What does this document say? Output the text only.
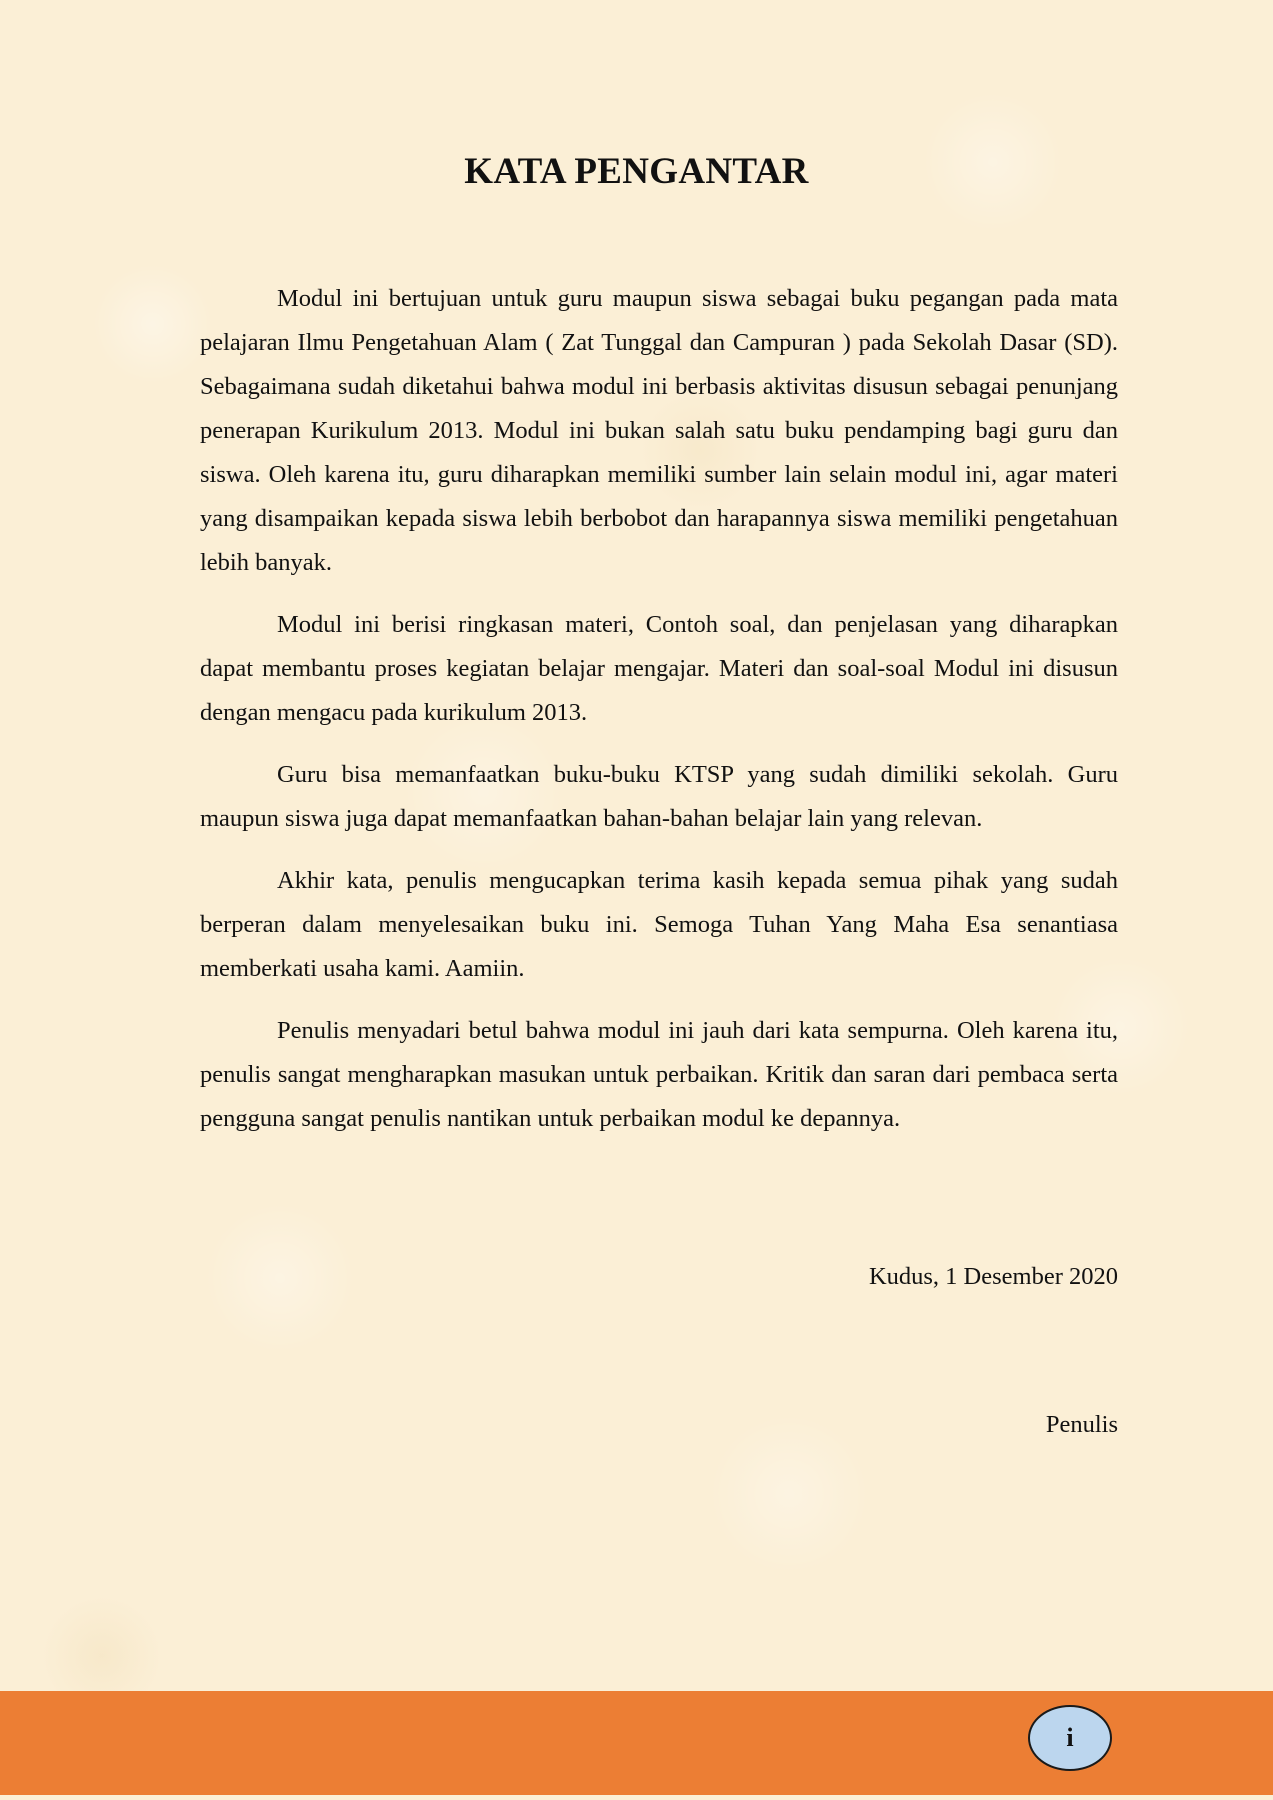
KATA PENGANTAR

Modul ini bertujuan untuk guru maupun siswa sebagai buku pegangan pada mata pelajaran Ilmu Pengetahuan Alam ( Zat Tunggal dan Campuran ) pada Sekolah Dasar (SD). Sebagaimana sudah diketahui bahwa modul ini berbasis aktivitas disusun sebagai penunjang penerapan Kurikulum 2013. Modul ini bukan salah satu buku pendamping bagi guru dan siswa. Oleh karena itu, guru diharapkan memiliki sumber lain selain modul ini, agar materi yang disampaikan kepada siswa lebih berbobot dan harapannya siswa memiliki pengetahuan lebih banyak.

Modul ini berisi ringkasan materi, Contoh soal, dan penjelasan yang diharapkan dapat membantu proses kegiatan belajar mengajar. Materi dan soal-soal Modul ini disusun dengan mengacu pada kurikulum 2013.

Guru bisa memanfaatkan buku-buku KTSP yang sudah dimiliki sekolah. Guru maupun siswa juga dapat memanfaatkan bahan-bahan belajar lain yang relevan.

Akhir kata, penulis mengucapkan terima kasih kepada semua pihak yang sudah berperan dalam menyelesaikan buku ini. Semoga Tuhan Yang Maha Esa senantiasa memberkati usaha kami. Aamiin.

Penulis menyadari betul bahwa modul ini jauh dari kata sempurna. Oleh karena itu, penulis sangat mengharapkan masukan untuk perbaikan. Kritik dan saran dari pembaca serta pengguna sangat penulis nantikan untuk perbaikan modul ke depannya.

Kudus, 1 Desember 2020

Penulis

i
